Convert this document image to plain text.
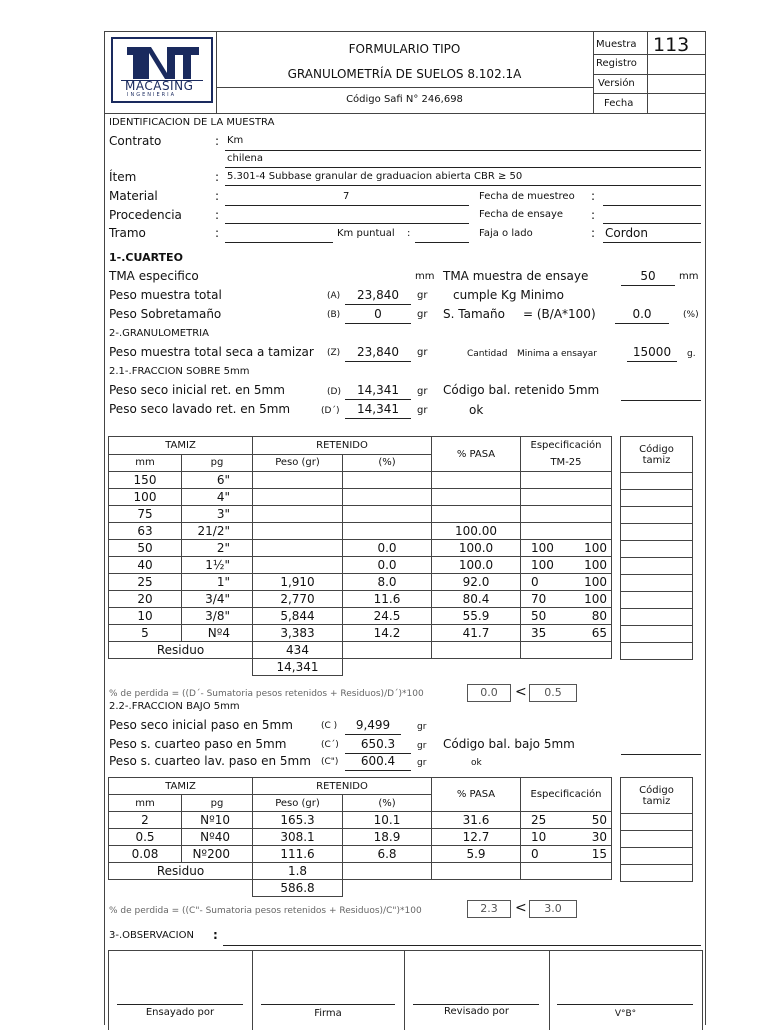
MACASING
INGENIERIA
FORMULARIO TIPO
GRANULOMETRÍA DE SUELOS 8.102.1A
Código Safi N° 246,698
Muestra 113
Registro
Versión
Fecha
IDENTIFICACION DE LA MUESTRA
Contrato	: Km
chilena
Ítem	: 5.301-4 Subbase granular de graduacion abierta CBR ≥ 50
Material	:	7	Fecha de muestreo :
Procedencia	:	Fecha de ensaye :
Tramo	:	Km puntual :	Faja o lado	: Cordon
1-.CUARTEO
TMA especifico	mm TMA muestra de ensaye	50	mm
Peso muestra total	(A)	23,840	gr cumple Kg Minimo
Peso Sobretamaño	(B)	0	gr S. Tamaño = (B/A*100)	0.0	(%)
2-.GRANULOMETRIA
Peso muestra total seca a tamizar (Z)	23,840	gr	Cantidad Minima a ensayar	15000	g.
2.1-.FRACCION SOBRE 5mm
Peso seco inicial ret. en 5mm	(D)	14,341	gr Código bal. retenido 5mm
Peso seco lavado ret. en 5mm	(D´)	14,341	gr	ok
TAMIZ		RETENIDO		% PASA	Especificación
TM-25	
mm	pg	Peso (gr)	(%)			
150	6"					
100	4"					
75	3"					
63	21/2"			100.00		
50	2"		0.0	100.0	100	100
40	1½"		0.0	100.0	100	100
25	1"	1,910	8.0	92.0	0	100
20	3/4"	2,770	11.6	80.4	70	100
10	3/8"	5,844	24.5	55.9	50	80
5	Nº4	3,383	14.2	41.7	35	65
Residuo		434				
		14,341				
Código tamiz

% de perdida = ((D´- Sumatoria pesos retenidos + Residuos)/D´)*100	0.0	<	0.5
2.2-.FRACCION BAJO 5mm
Peso seco inicial paso en 5mm	(C )	9,499	gr
Peso s. cuarteo paso en 5mm	(C´)	650.3	gr Código bal. bajo 5mm
Peso s. cuarteo lav. paso en 5mm (C")	600.4	gr	ok
TAMIZ		RETENIDO		% PASA	Especificación	
mm	pg	Peso (gr)	(%)			
2	Nº10	165.3	10.1	31.6	25	50
0.5	Nº40	308.1	18.9	12.7	10	30
0.08	Nº200	111.6	6.8	5.9	0	15
Residuo		1.8				
		586.8				
Código tamiz

% de perdida = ((C"- Sumatoria pesos retenidos + Residuos)/C")*100	2.3	<	3.0
3-.OBSERVACION :
Ensayado por	Firma	Revisado por	V°B°
